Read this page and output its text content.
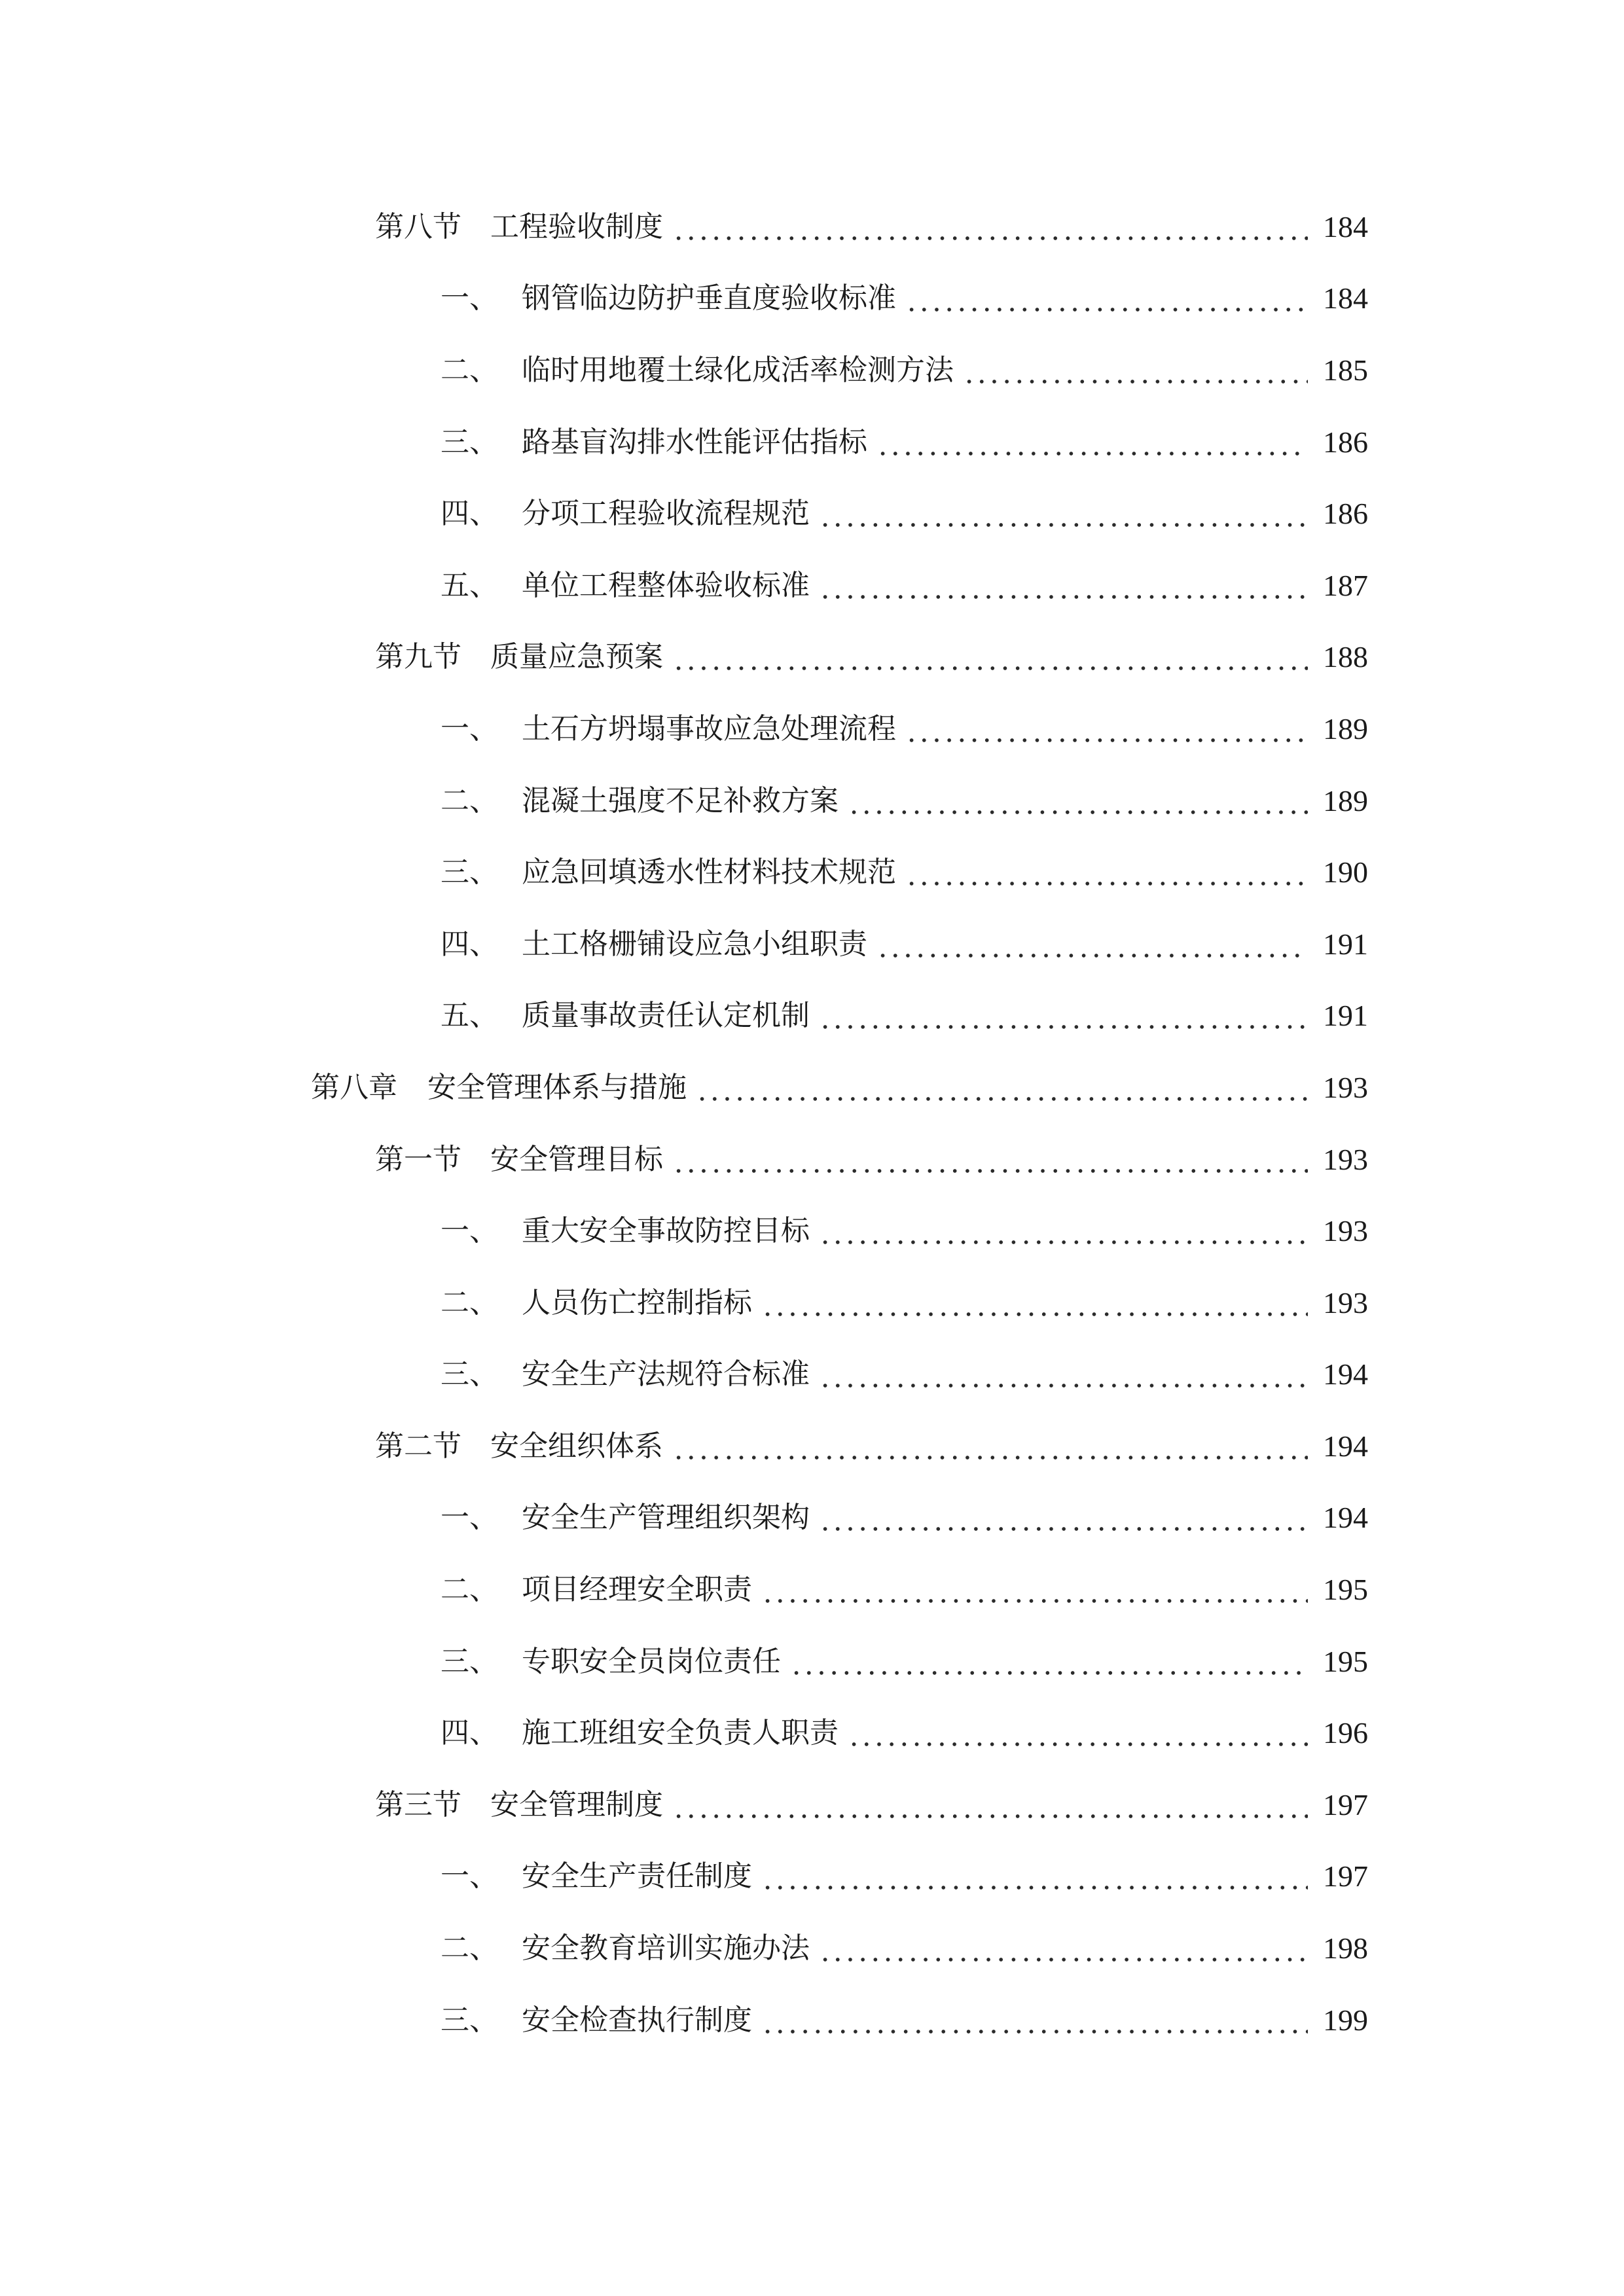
第八节 工程验收制度	184
一、 钢管临边防护垂直度验收标准	184
二、 临时用地覆土绿化成活率检测方法	185
三、 路基盲沟排水性能评估指标	186
四、 分项工程验收流程规范	186
五、 单位工程整体验收标准	187
第九节 质量应急预案	188
一、 土石方坍塌事故应急处理流程	189
二、 混凝土强度不足补救方案	189
三、 应急回填透水性材料技术规范	190
四、 土工格栅铺设应急小组职责	191
五、 质量事故责任认定机制	191
第八章 安全管理体系与措施	193
第一节 安全管理目标	193
一、 重大安全事故防控目标	193
二、 人员伤亡控制指标	193
三、 安全生产法规符合标准	194
第二节 安全组织体系	194
一、 安全生产管理组织架构	194
二、 项目经理安全职责	195
三、 专职安全员岗位责任	195
四、 施工班组安全负责人职责	196
第三节 安全管理制度	197
一、 安全生产责任制度	197
二、 安全教育培训实施办法	198
三、 安全检查执行制度	199
